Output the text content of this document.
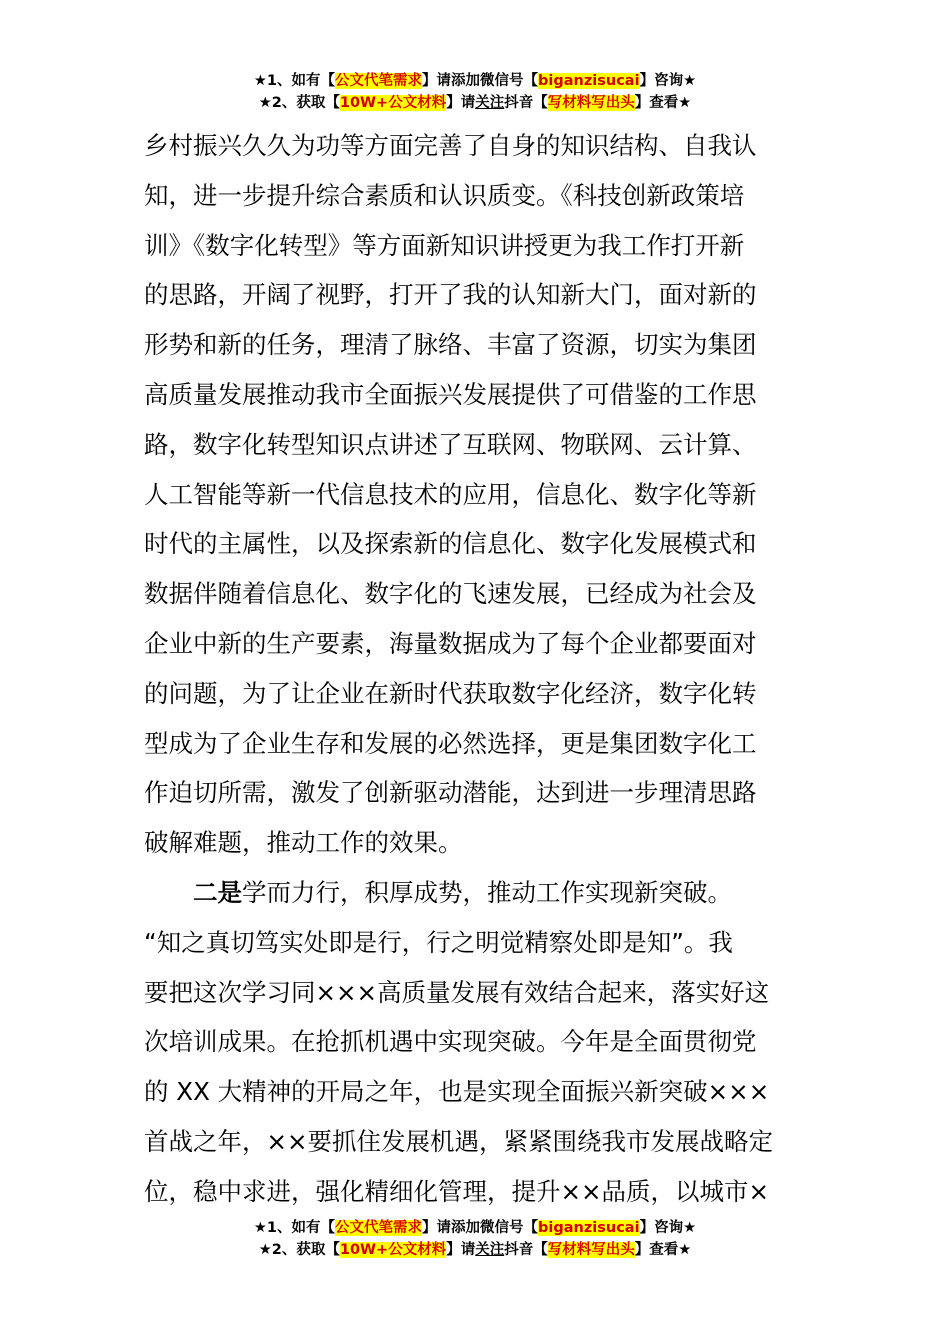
★1、如有【公文代笔需求】请添加微信号【biganzisucai】咨询★
★2、获取【10W+公文材料】请关注抖音【写材料写出头】查看★
乡村振兴久久为功等方面完善了自身的知识结构、自我认
知，进一步提升综合素质和认识质变。《科技创新政策培
训》《数字化转型》等方面新知识讲授更为我工作打开新
的思路，开阔了视野，打开了我的认知新大门，面对新的
形势和新的任务，理清了脉络、丰富了资源，切实为集团
高质量发展推动我市全面振兴发展提供了可借鉴的工作思
路，数字化转型知识点讲述了互联网、物联网、云计算、
人工智能等新一代信息技术的应用，信息化、数字化等新
时代的主属性，以及探索新的信息化、数字化发展模式和
数据伴随着信息化、数字化的飞速发展，已经成为社会及
企业中新的生产要素，海量数据成为了每个企业都要面对
的问题，为了让企业在新时代获取数字化经济，数字化转
型成为了企业生存和发展的必然选择，更是集团数字化工
作迫切所需，激发了创新驱动潜能，达到进一步理清思路
破解难题，推动工作的效果。
二是学而力行，积厚成势，推动工作实现新突破。
“知之真切笃实处即是行，行之明觉精察处即是知”。我
要把这次学习同×××高质量发展有效结合起来，落实好这
次培训成果。在抢抓机遇中实现突破。今年是全面贯彻党
的 XX 大精神的开局之年，也是实现全面振兴新突破×××
首战之年，××要抓住发展机遇，紧紧围绕我市发展战略定
位，稳中求进，强化精细化管理，提升××品质，以城市×
★1、如有【公文代笔需求】请添加微信号【biganzisucai】咨询★
★2、获取【10W+公文材料】请关注抖音【写材料写出头】查看★
